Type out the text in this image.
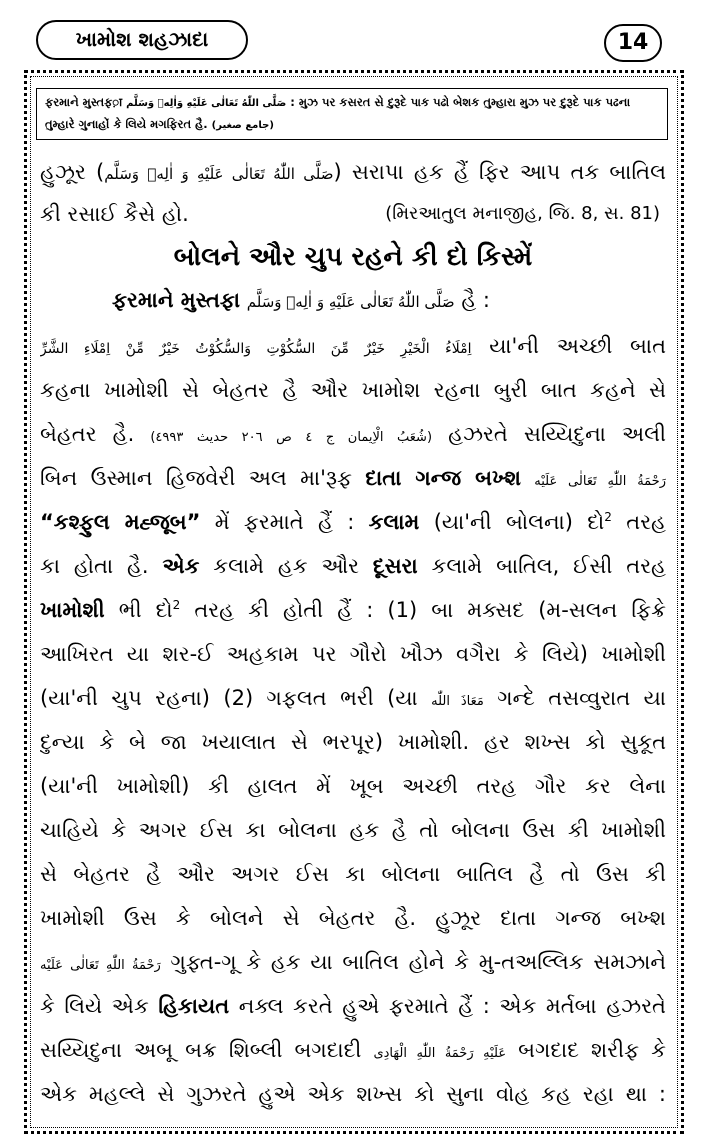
ખામોશ શહઝાદા	14
ફરમાને મુસ્તફ़ा صَلَّى اللّٰهُ تَعَالٰى عَلَيْهِ وَاٰلِهٖ وَسَلَّم : મુઝ પર કસરત સે દુરૂદે પાક પઢો બેશક તુમ્હારા મુઝ પર દુરૂદે પાક પઢના
તુમ્હારે ગુનાહોં કે લિયે મગફિરત હૈ. (جامع صغیر)
હુઝૂર (صَلَّى اللّٰهُ تَعَالٰى عَلَيْهِ وَ اٰلِهٖ وَسَلَّم) સરાપા હક હૈં ફિર આપ તક બાતિલ
કી રસાઈ કૈસે હો.	(મિરઆતુલ મનાજીહ, જિ. 8, સ. 81)
બોલને ઔર ચુપ રહને કી દો કિસ્મેં
ફરમાને મુસ્તફા صَلَّى اللّٰهُ تَعَالٰى عَلَيْهِ وَ اٰلِهٖ وَسَلَّم હૈ :
اِمْلَاءُ الْخَيْرِ خَيْرٌ مِّنَ السُّكُوْتِ وَالسُّكُوْتُ خَيْرٌ مِّنْ اِمْلَاءِ الشَّرِّ યા'ની અચ્છી બાત
કહના ખામોશી સે બેહતર હૈ ઔર ખામોશ રહના બુરી બાત કહને સે
બેહતર હૈ. (شُعَبُ الْاِيمان ج ٤ ص ٢٠٦ حديث ٤٩٩٣) હઝરતે સય્યિદુના અલી
બિન ઉસ્માન હિજવેરી અલ મા'રૂફ દાતા ગન્જ બખ્શ رَحْمَةُ اللّٰهِ تَعَالٰى عَلَيْه
“કશ્ફુલ મહ્જૂબ” મેં ફરમાતે હૈં : કલામ (યા'ની બોલના) દો$^2$ તરહ
કા હોતા હૈ. એક કલામે હક ઔર દૂસરા કલામે બાતિલ, ઈસી તરહ
ખામોશી ભી દો$^2$ તરહ કી હોતી હૈં : (1) બા મક્સદ (મ-સલન ફિક્રે
આખિરત યા શર-ઈ અહકામ પર ગૌરો ખૌઝ વગૈરા કે લિયે) ખામોશી
(યા'ની ચુપ રહના) (2) ગફલત ભરી (યા مَعَاذَ اللّٰه ગન્દે તસવ્વુરાત યા
દુન્યા કે બે જા ખયાલાત સે ભરપૂર) ખામોશી. હર શખ્સ કો સુકૂત
(યા'ની ખામોશી) કી હાલત મેં ખૂબ અચ્છી તરહ ગૌર કર લેના
ચાહિયે કે અગર ઈસ કા બોલના હક હૈ તો બોલના ઉસ કી ખામોશી
સે બેહતર હૈ ઔર અગર ઈસ કા બોલના બાતિલ હૈ તો ઉસ કી
ખામોશી ઉસ કે બોલને સે બેહતર હૈ. હુઝૂર દાતા ગન્જ બખ્શ
رَحْمَةُ اللّٰهِ تَعَالٰى عَلَيْه ગુફ્ત-ગૂ કે હક યા બાતિલ હોને કે મુ-તઅલ્લિક સમઝાને
કે લિયે એક હિકાયત નક્લ કરતે હુએ ફરમાતે હૈં : એક મર્તબા હઝરતે
સય્યિદુના અબૂ બક્ર શિબ્લી બગદાદી عَلَيْهِ رَحْمَةُ اللّٰهِ الْهَادِى બગદાદ શરીફ કે
એક મહલ્લે સે ગુઝરતે હુએ એક શખ્સ કો સુના વોહ કહ રહા થા :
